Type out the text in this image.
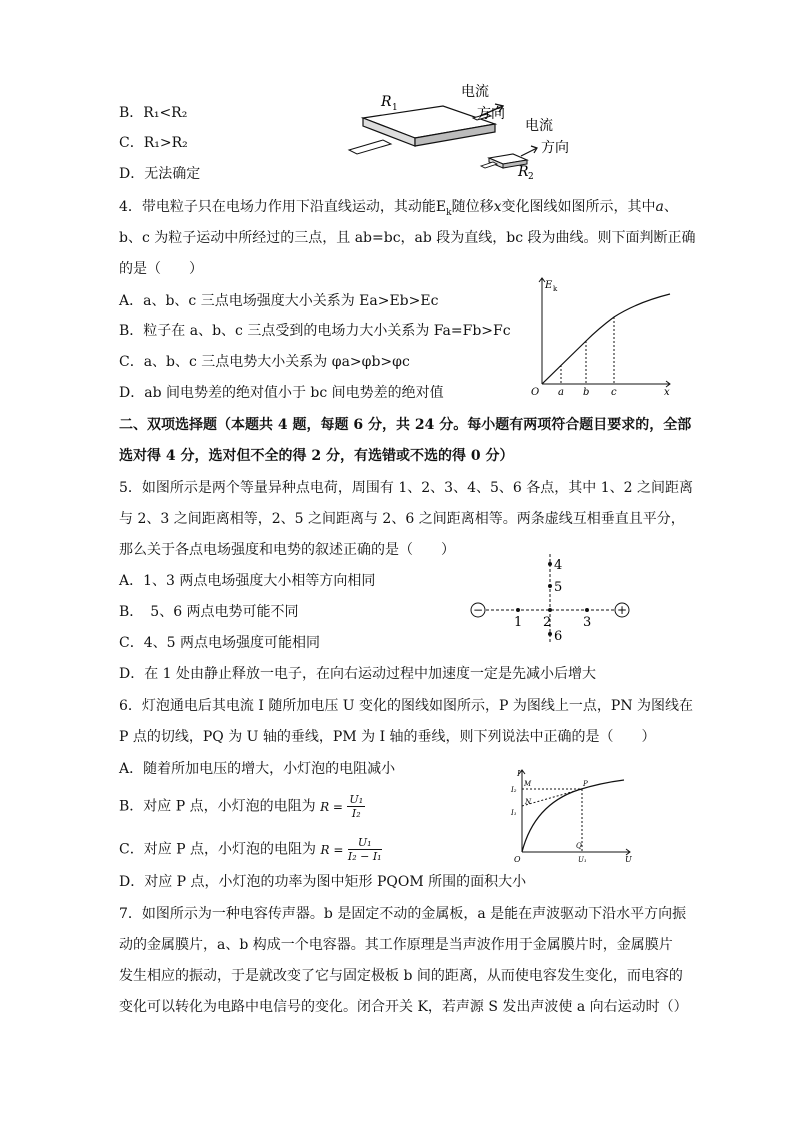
B．R₁<R₂
C．R₁>R₂
D．无法确定
R 1
电流
方向
电流
方向
R 2
4．带电粒子只在电场力作用下沿直线运动，其动能$E_k$随位移x变化图线如图所示，其中a、
b、c 为粒子运动中所经过的三点，且 ab=bc，ab 段为直线，bc 段为曲线。则下面判断正确
的是（　　）
A．a、b、c 三点电场强度大小关系为 Ea>Eb>Ec
B．粒子在 a、b、c 三点受到的电场力大小关系为 Fa=Fb>Fc
C．a、b、c 三点电势大小关系为 φa>φb>φc
D．ab 间电势差的绝对值小于 bc 间电势差的绝对值
E k
O a b c	x
二、双项选择题（本题共 4 题，每题 6 分，共 24 分。每小题有两项符合题目要求的，全部
选对得 4 分，选对但不全的得 2 分，有选错或不选的得 0 分）
5．如图所示是两个等量异种点电荷，周围有 1、2、3、4、5、6 各点，其中 1、2 之间距离
与 2、3 之间距离相等，2、5 之间距离与 2、6 之间距离相等。两条虚线互相垂直且平分，
那么关于各点电场强度和电势的叙述正确的是（　　）
A．1、3 两点电场强度大小相等方向相同
B．　5、6 两点电势可能不同
C．4、5 两点电场强度可能相同
D．在 1 处由静止释放一电子，在向右运动过程中加速度一定是先减小后增大
−	+
1 2 3
4
5
6
6．灯泡通电后其电流 I 随所加电压 U 变化的图线如图所示，P 为图线上一点，PN 为图线在
P 点的切线，PQ 为 U 轴的垂线，PM 为 I 轴的垂线，则下列说法中正确的是（　　）
A．随着所加电压的增大，小灯泡的电阻减小
B．对应 P 点，小灯泡的电阻为 $R = \frac{\text{U₁}}{\text{I₂}}$
C．对应 P 点，小灯泡的电阻为 $R = \frac{\text{U₁}}{\text{I₂ − I₁}}$
D．对应 P 点，小灯泡的功率为图中矩形 PQOM 所围的面积大小
I
U
O
M	P
N
Q
I₂
I₁
U₁
7．如图所示为一种电容传声器。b 是固定不动的金属板，a 是能在声波驱动下沿水平方向振
动的金属膜片，a、b 构成一个电容器。其工作原理是当声波作用于金属膜片时，金属膜片
发生相应的振动，于是就改变了它与固定极板 b 间的距离，从而使电容发生变化，而电容的
变化可以转化为电路中电信号的变化。闭合开关 K，若声源 S 发出声波使 a 向右运动时（）
